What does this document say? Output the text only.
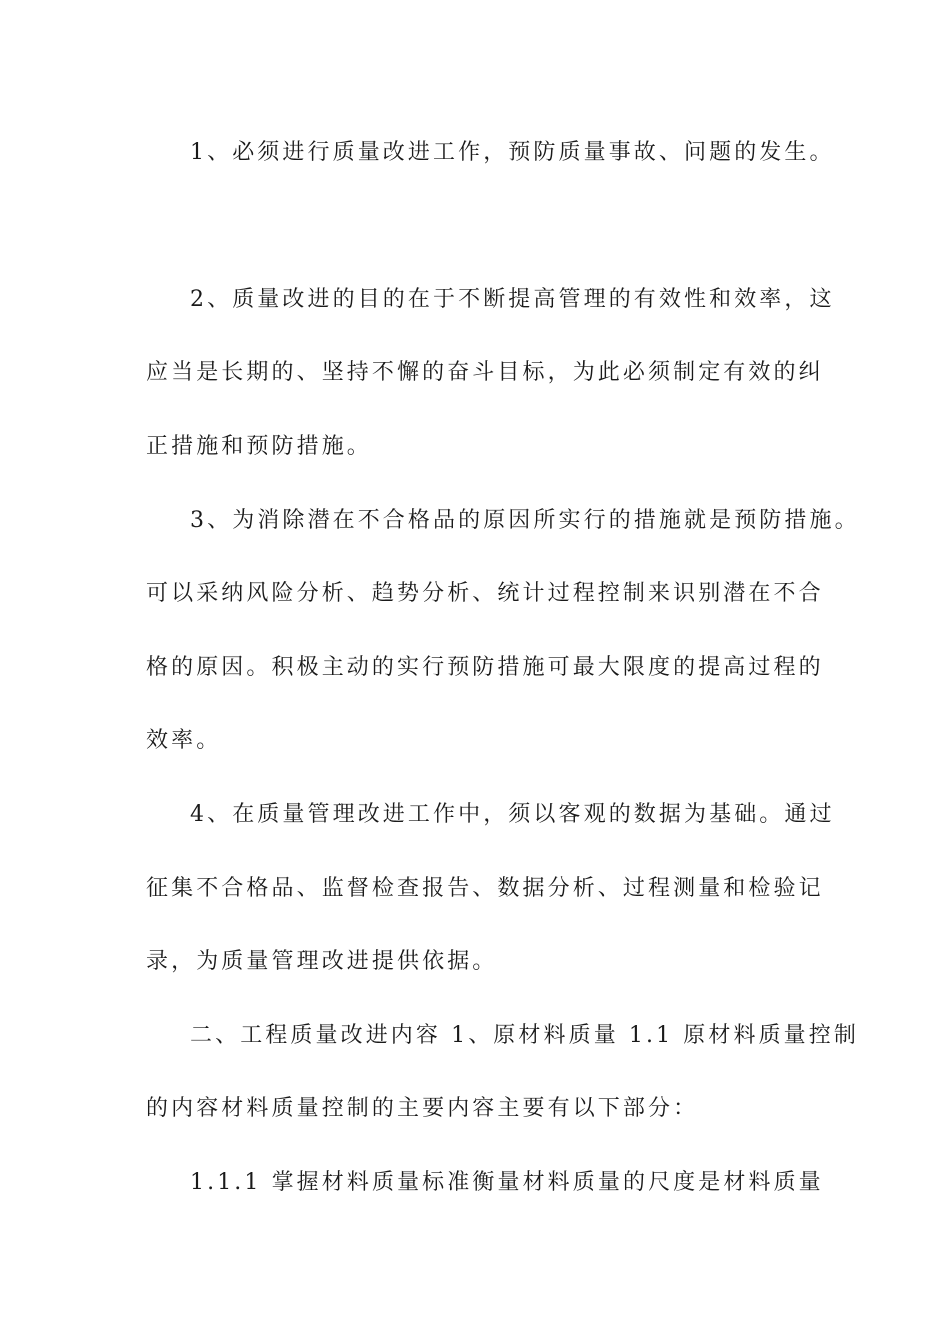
1、必须进行质量改进工作，预防质量事故、问题的发生。
2、质量改进的目的在于不断提高管理的有效性和效率，这
应当是长期的、坚持不懈的奋斗目标，为此必须制定有效的纠
正措施和预防措施。
3、为消除潜在不合格品的原因所实行的措施就是预防措施。
可以采纳风险分析、趋势分析、统计过程控制来识别潜在不合
格的原因。积极主动的实行预防措施可最大限度的提高过程的
效率。
4、在质量管理改进工作中，须以客观的数据为基础。通过
征集不合格品、监督检查报告、数据分析、过程测量和检验记
录，为质量管理改进提供依据。
二、工程质量改进内容 1、原材料质量 1.1 原材料质量控制
的内容材料质量控制的主要内容主要有以下部分：
1.1.1 掌握材料质量标准衡量材料质量的尺度是材料质量
